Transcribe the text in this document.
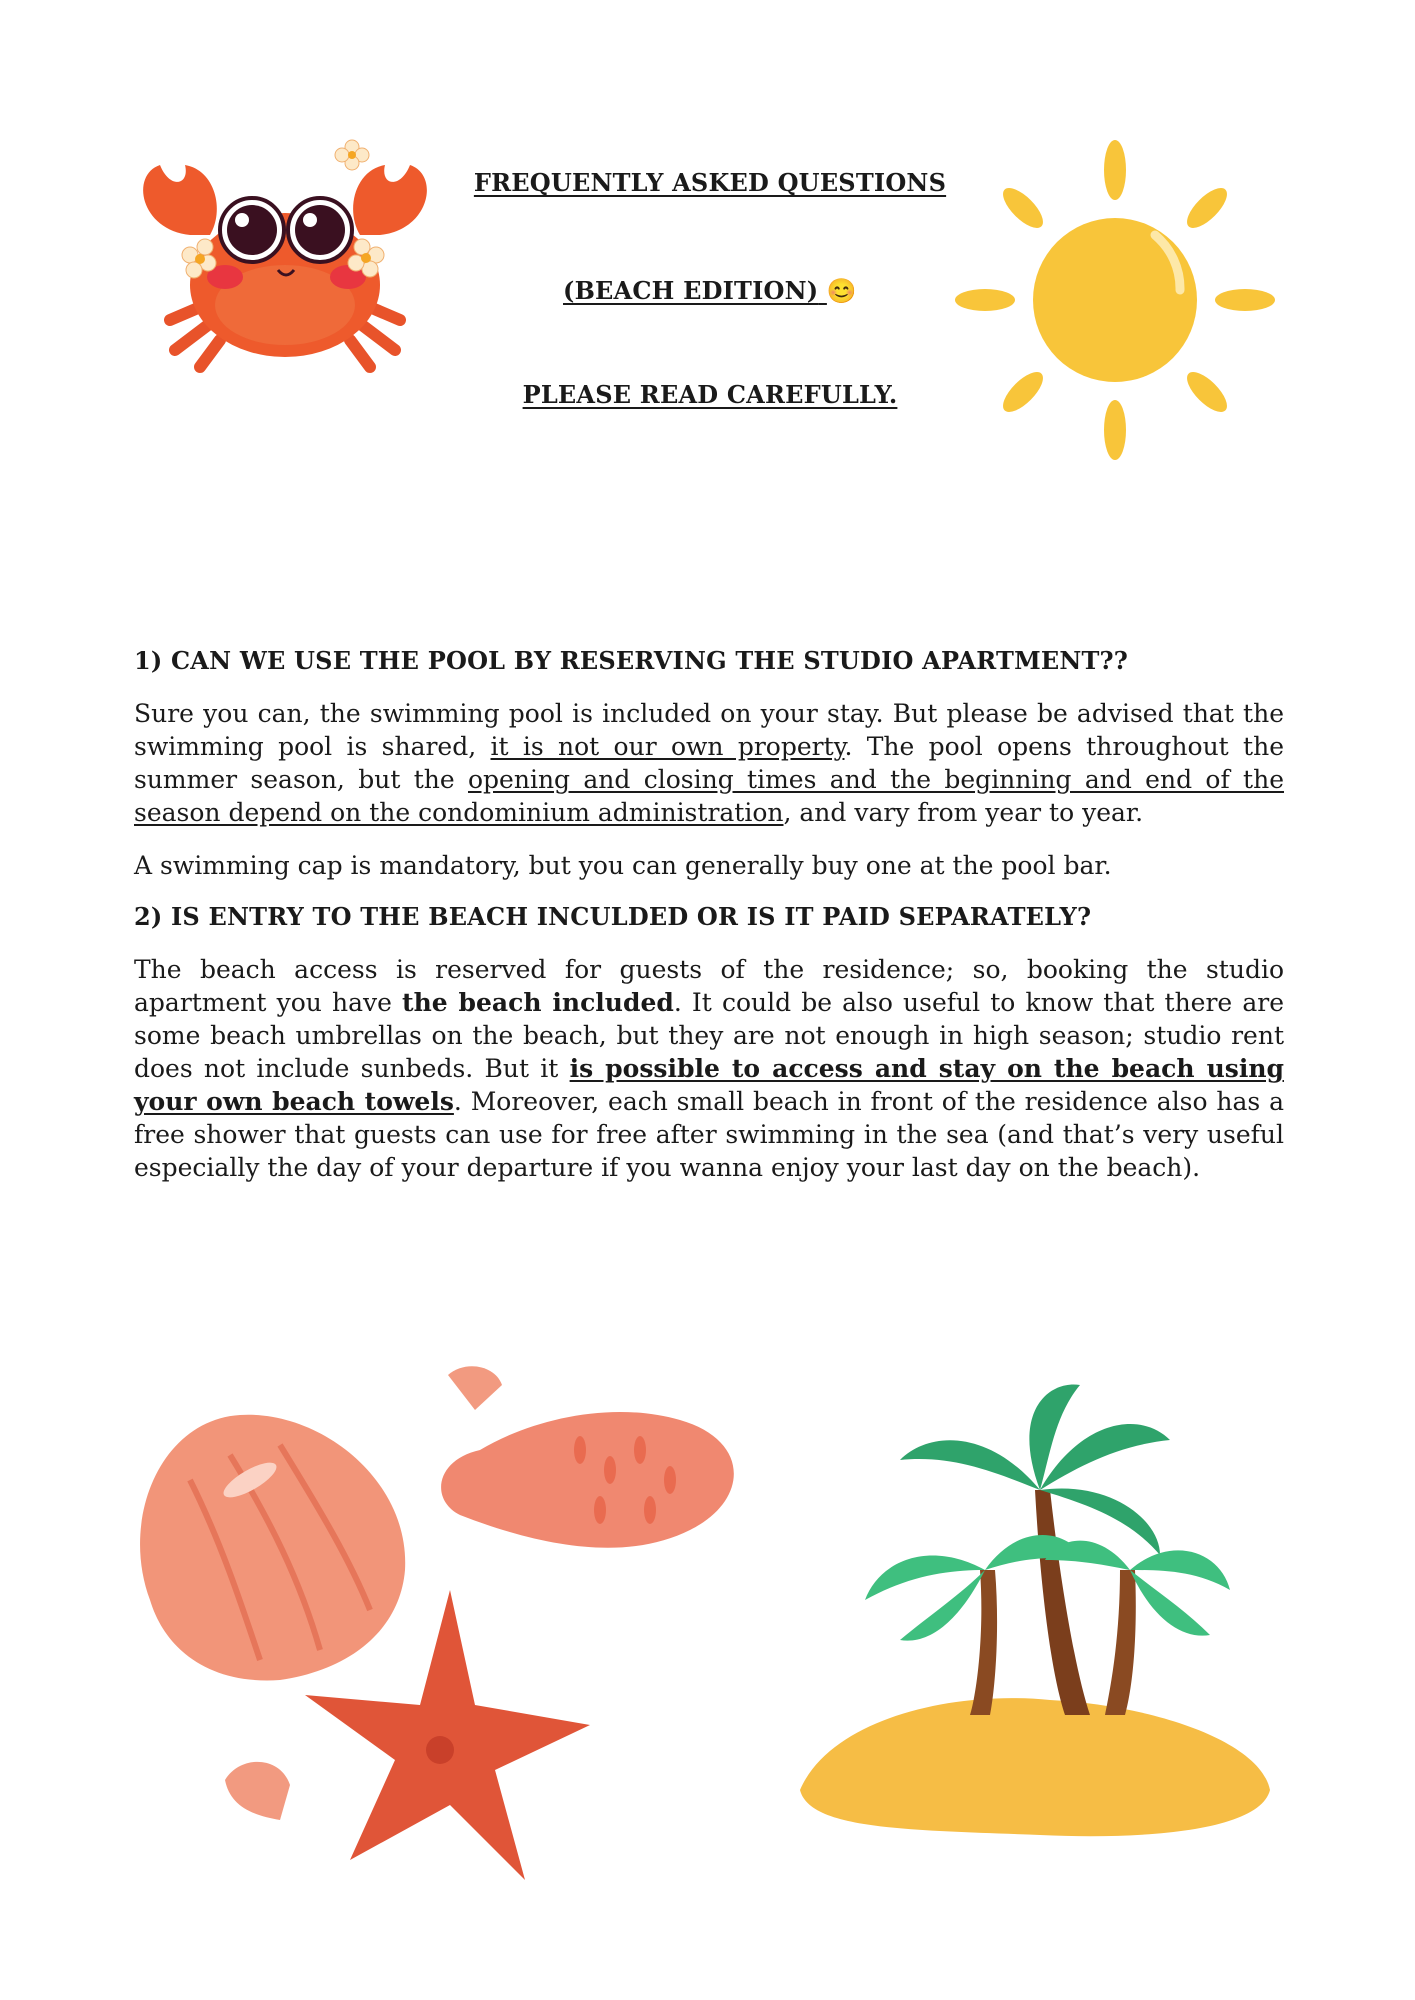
FREQUENTLY ASKED QUESTIONS
(BEACH EDITION) 😊
PLEASE READ CAREFULLY.
1) CAN WE USE THE POOL BY RESERVING THE STUDIO APARTMENT??

Sure you can, the swimming pool is included on your stay. But please be advised that the swimming pool is shared, it is not our own property. The pool opens throughout the summer season, but the opening and closing times and the beginning and end of the season depend on the condominium administration, and vary from year to year.

A swimming cap is mandatory, but you can generally buy one at the pool bar.

2) IS ENTRY TO THE BEACH INCULDED OR IS IT PAID SEPARATELY?

The beach access is reserved for guests of the residence; so, booking the studio apartment you have the beach included. It could be also useful to know that there are some beach umbrellas on the beach, but they are not enough in high season; studio rent does not include sunbeds. But it is possible to access and stay on the beach using your own beach towels. Moreover, each small beach in front of the residence also has a free shower that guests can use for free after swimming in the sea (and that’s very useful especially the day of your departure if you wanna enjoy your last day on the beach).
